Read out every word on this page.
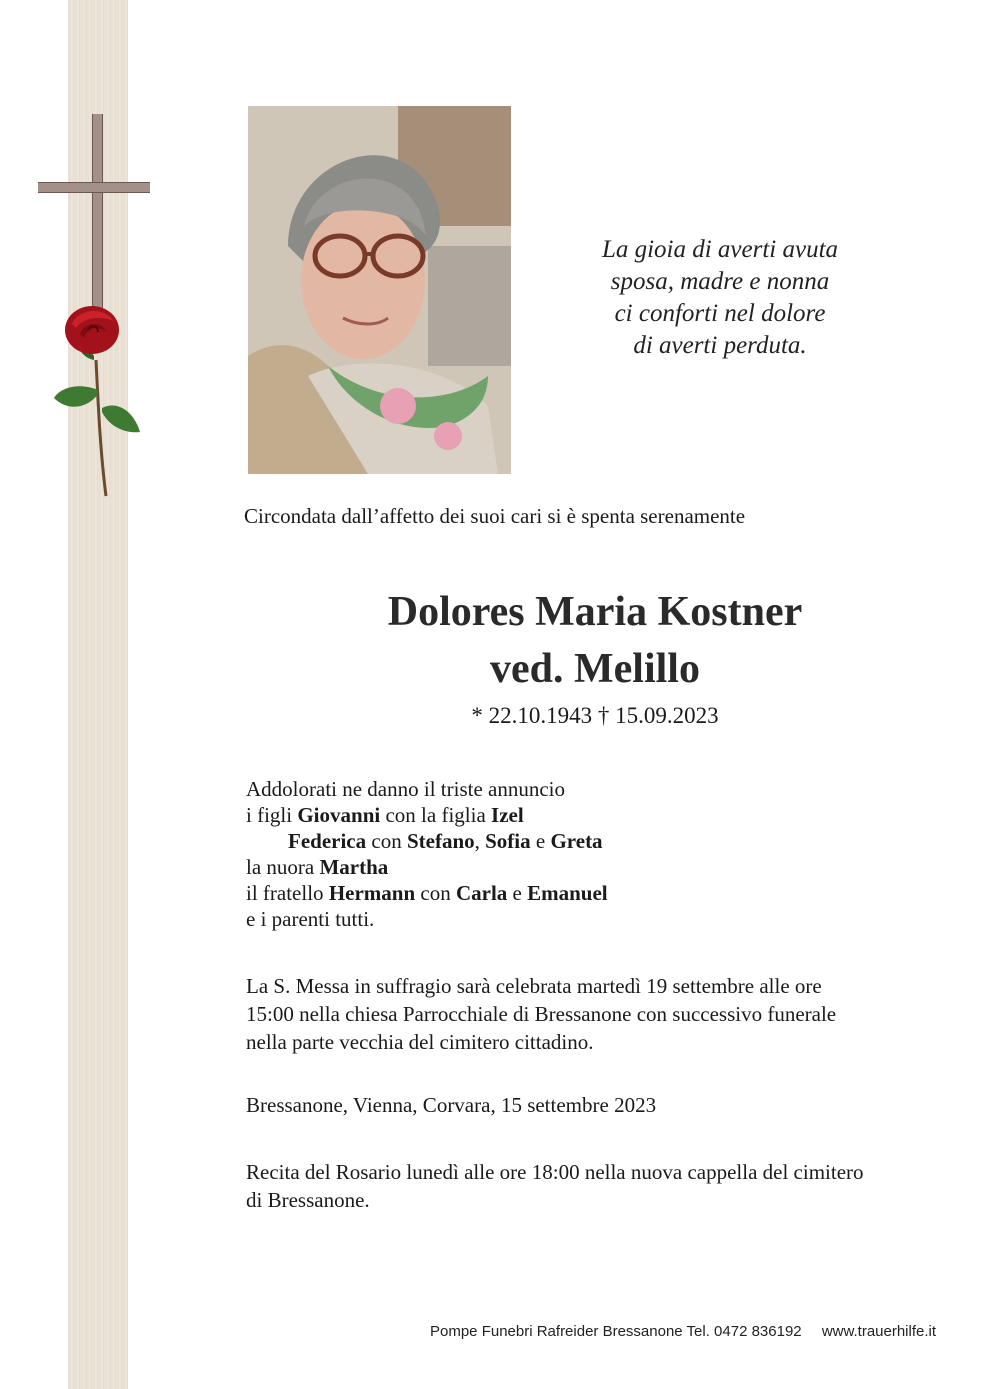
La gioia di averti avuta
sposa, madre e nonna
ci conforti nel dolore
di averti perduta.
Circondata dall’affetto dei suoi cari si è spenta serenamente
Dolores Maria Kostner
ved. Melillo
* 22.10.1943 † 15.09.2023
Addolorati ne danno il triste annuncio
i figli Giovanni con la figlia Izel
Federica con Stefano, Sofia e Greta
la nuora Martha
il fratello Hermann con Carla e Emanuel
e i parenti tutti.
La S. Messa in suffragio sarà celebrata martedì 19 settembre alle ore
15:00 nella chiesa Parrocchiale di Bressanone con successivo funerale
nella parte vecchia del cimitero cittadino.
Bressanone, Vienna, Corvara, 15 settembre 2023
Recita del Rosario lunedì alle ore 18:00 nella nuova cappella del cimitero
di Bressanone.
Pompe Funebri Rafreider Bressanone Tel. 0472 836192 www.trauerhilfe.it
